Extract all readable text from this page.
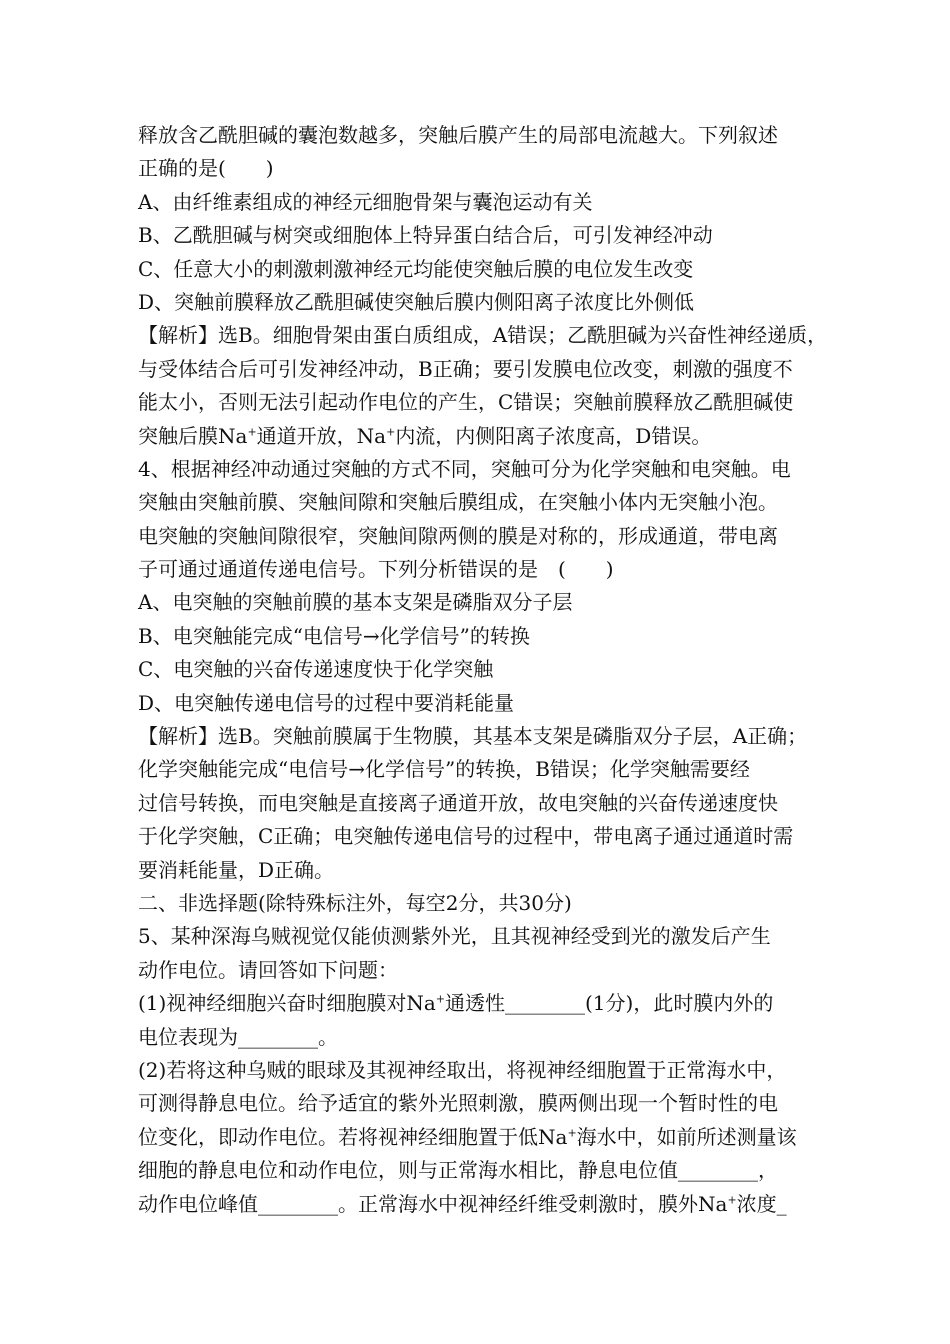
释放含乙酰胆碱的囊泡数越多，突触后膜产生的局部电流越大。下列叙述
正确的是(　　)
A、由纤维素组成的神经元细胞骨架与囊泡运动有关
B、乙酰胆碱与树突或细胞体上特异蛋白结合后，可引发神经冲动
C、任意大小的刺激刺激神经元均能使突触后膜的电位发生改变
D、突触前膜释放乙酰胆碱使突触后膜内侧阳离子浓度比外侧低
【解析】选B。细胞骨架由蛋白质组成，A错误；乙酰胆碱为兴奋性神经递质，
与受体结合后可引发神经冲动，B正确；要引发膜电位改变，刺激的强度不
能太小，否则无法引起动作电位的产生，C错误；突触前膜释放乙酰胆碱使
突触后膜Na+通道开放，Na+内流，内侧阳离子浓度高，D错误。
4、根据神经冲动通过突触的方式不同，突触可分为化学突触和电突触。电
突触由突触前膜、突触间隙和突触后膜组成，在突触小体内无突触小泡。
电突触的突触间隙很窄，突触间隙两侧的膜是对称的，形成通道，带电离
子可通过通道传递电信号。下列分析错误的是　(　　)
A、电突触的突触前膜的基本支架是磷脂双分子层
B、电突触能完成“电信号→化学信号”的转换
C、电突触的兴奋传递速度快于化学突触
D、电突触传递电信号的过程中要消耗能量
【解析】选B。突触前膜属于生物膜，其基本支架是磷脂双分子层，A正确；
化学突触能完成“电信号→化学信号”的转换，B错误；化学突触需要经
过信号转换，而电突触是直接离子通道开放，故电突触的兴奋传递速度快
于化学突触，C正确；电突触传递电信号的过程中，带电离子通过通道时需
要消耗能量，D正确。
二、非选择题(除特殊标注外，每空2分，共30分)
5、某种深海乌贼视觉仅能侦测紫外光，且其视神经受到光的激发后产生
动作电位。请回答如下问题：
(1)视神经细胞兴奋时细胞膜对Na+通透性________(1分)，此时膜内外的
电位表现为________。
(2)若将这种乌贼的眼球及其视神经取出，将视神经细胞置于正常海水中，
可测得静息电位。给予适宜的紫外光照刺激，膜两侧出现一个暂时性的电
位变化，即动作电位。若将视神经细胞置于低Na+海水中，如前所述测量该
细胞的静息电位和动作电位，则与正常海水相比，静息电位值________，
动作电位峰值________。正常海水中视神经纤维受刺激时，膜外Na+浓度_
